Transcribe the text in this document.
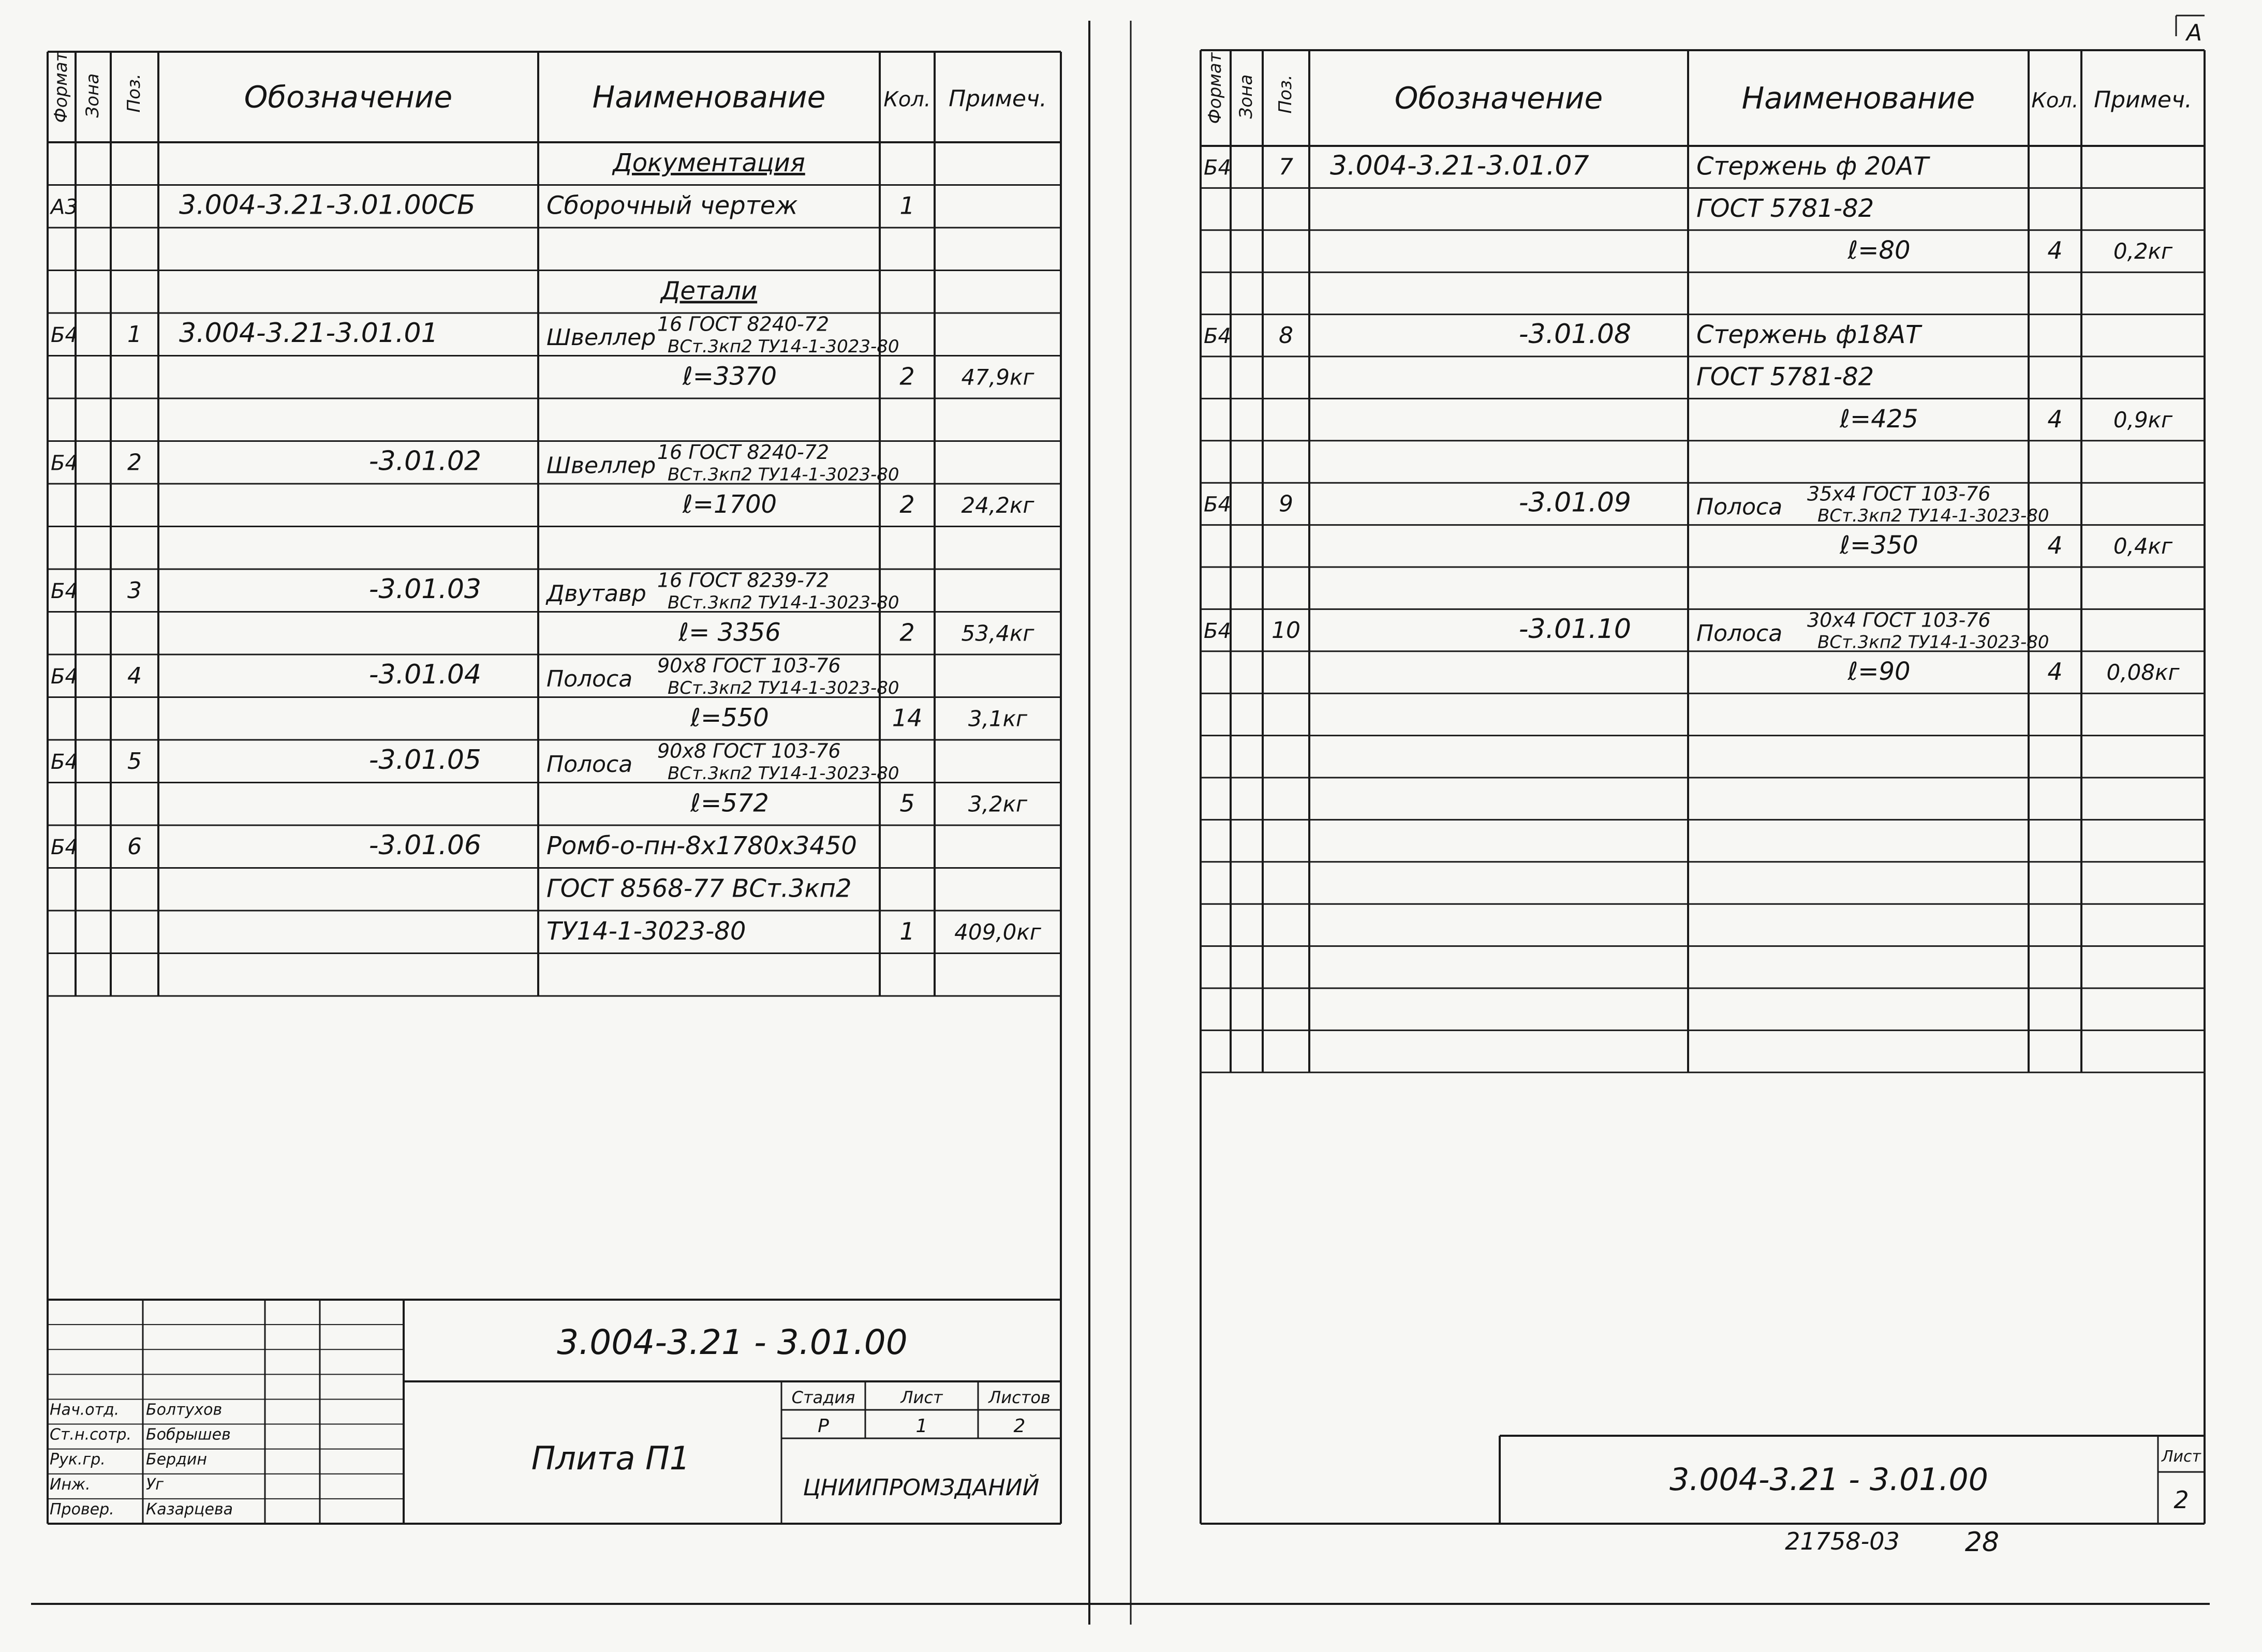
Формат Зона Поз.	Обозначение	Наименование	Кол. Примеч.
Документация
А3	3.004-3.21-3.01.00СБ	Сборочный чертеж	1
Детали
Б4 1 3.004-3.21-3.01.01	Швеллер
16 ГОСТ 8240-72
ВСт.3кп2 ТУ14-1-3023-80
ℓ=3370	2 47,9кг
Б4 2	-3.01.02	Швеллер
16 ГОСТ 8240-72
ВСт.3кп2 ТУ14-1-3023-80
ℓ=1700	2 24,2кг
Б4 3	-3.01.03	Двутавр
16 ГОСТ 8239-72
ВСт.3кп2 ТУ14-1-3023-80
ℓ= 3356	2 53,4кг
Б4 4	-3.01.04	Полоса
90х8 ГОСТ 103-76
ВСт.3кп2 ТУ14-1-3023-80
ℓ=550	14 3,1кг
Б4 5	-3.01.05	Полоса
90х8 ГОСТ 103-76
ВСт.3кп2 ТУ14-1-3023-80
ℓ=572	5 3,2кг
Б4 6	-3.01.06	Ромб-о-пн-8х1780х3450
ГОСТ 8568-77 ВСт.3кп2
ТУ14-1-3023-80	1 409,0кг
Нач.отд. Болтухов
Ст.н.сотр. Бобрышев
Рук.гр.	Бердин
Инж.	Уг
Провер. Казарцева
3.004-3.21 - 3.01.00
Плита П1
Стадия	Лист	Листов
Р	1	2
ЦНИИПРОМЗДАНИЙ
Формат Зона Поз.	Обозначение	Наименование	Кол. Примеч.
Б4 7 3.004-3.21-3.01.07	Стержень ф 20АТ
ГОСТ 5781-82
ℓ=80	4 0,2кг
Б4 8	-3.01.08	Стержень ф18АТ
ГОСТ 5781-82
ℓ=425	4 0,9кг
Б4 9	-3.01.09	Полоса
35х4 ГОСТ 103-76
ВСт.3кп2 ТУ14-1-3023-80
ℓ=350	4 0,4кг
Б4 10	-3.01.10	Полоса
30х4 ГОСТ 103-76
ВСт.3кп2 ТУ14-1-3023-80
ℓ=90	4 0,08кг
3.004-3.21 - 3.01.00
Лист
2
21758-03 28
А
